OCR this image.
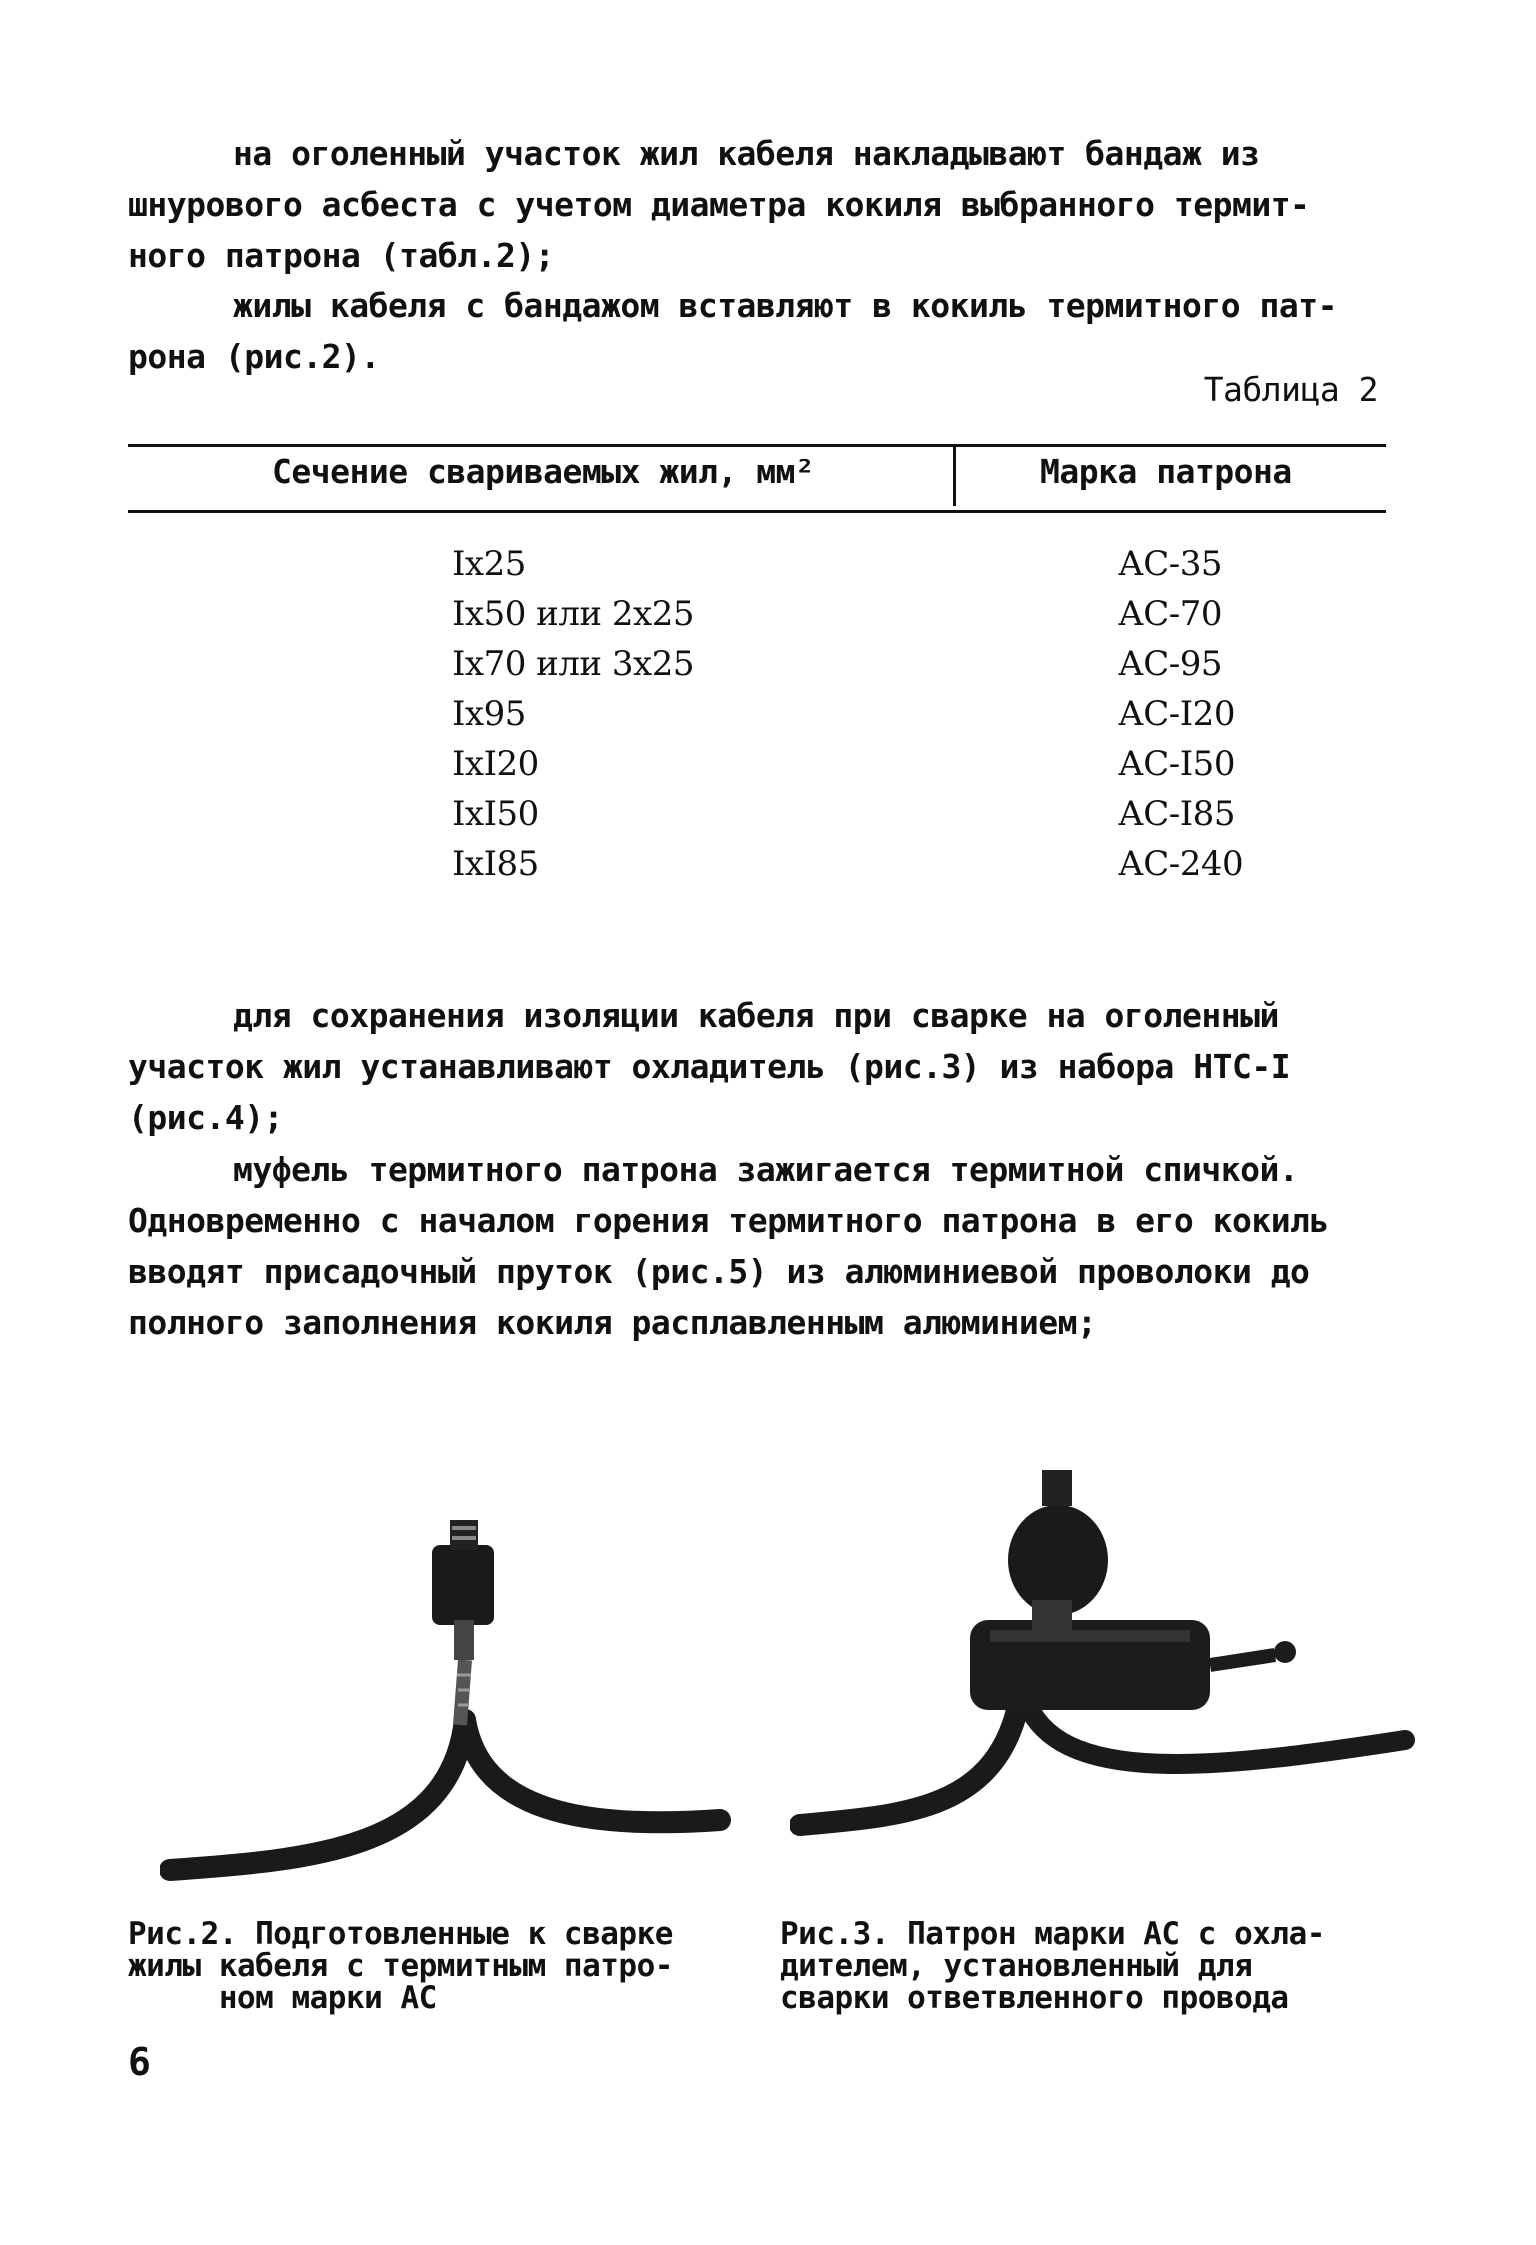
на оголенный участок жил кабеля накладывают бандаж из
шнурового асбеста с учетом диаметра кокиля выбранного термит-
ного патрона (табл.2);

жилы кабеля с бандажом вставляют в кокиль термитного пат-
рона (рис.2).

Таблица 2
Сечение свариваемых жил, мм²	Марка патрона
Ix25	АС-35
Ix50 или 2x25	АС-70
Ix70 или 3x25	АС-95
Ix95	АС-I20
IxI20	АС-I50
IxI50	АС-I85
IxI85	АС-240

для сохранения изоляции кабеля при сварке на оголенный
участок жил устанавливают охладитель (рис.3) из набора НТС-I
(рис.4);

муфель термитного патрона зажигается термитной спичкой.
Одновременно с началом горения термитного патрона в его кокиль
вводят присадочный пруток (рис.5) из алюминиевой проволоки до
полного заполнения кокиля расплавленным алюминием;

Рис.2. Подготовленные к сварке
жилы кабеля с термитным патро-
ном марки АС

Рис.3. Патрон марки АС с охла-
дителем, установленный для
сварки ответвленного провода

6
